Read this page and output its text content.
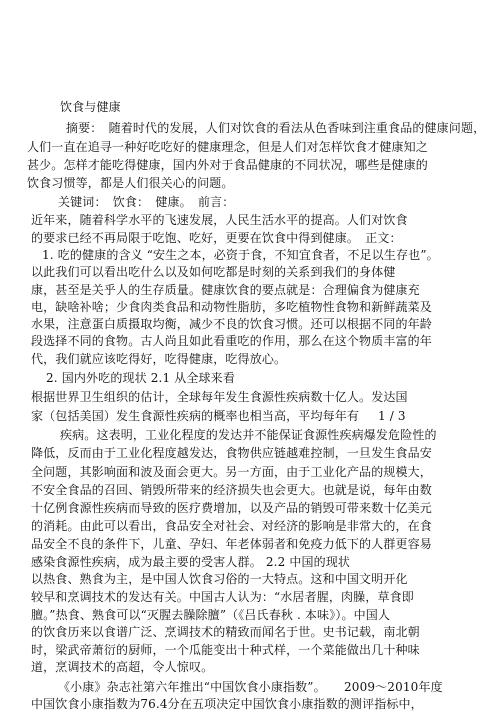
饮食与健康
摘要：　随着时代的发展，人们对饮食的看法从色香味到注重食品的健康问题，
人们一直在追寻一种好吃吃好的健康理念，但是人们对怎样饮食才健康知之
甚少。怎样才能吃得健康，国内外对于食品健康的不同状况，哪些是健康的
饮食习惯等，都是人们很关心的问题。
关键词：　饮食：　健康。　前言：
近年来，随着科学水平的飞速发展，人民生活水平的提高。人们对饮食
的要求已经不再局限于吃饱、吃好，更要在饮食中得到健康。　正文：
1. 吃的健康的含义 “安生之本，必资于食，不知宜食者，不足以生存也”。
以此我们可以看出吃什么以及如何吃都是时刻的关系到我们的身体健
康，甚至是关乎人的生存质量。健康饮食的要点就是：合理偏食为健康充
电，缺啥补啥；少食肉类食品和动物性脂肪，多吃植物性食物和新鲜蔬菜及
水果，注意蛋白质摄取均衡，减少不良的饮食习惯。还可以根据不同的年龄
段选择不同的食物。古人尚且如此看重吃的作用，那么在这个物质丰富的年
代，我们就应该吃得好，吃得健康，吃得放心。
2. 国内外吃的现状 2.1 从全球来看
根据世界卫生组织的估计，全球每年发生食源性疾病数十亿人。发达国
家（包括美国）发生食源性疾病的概率也相当高，平均每年有 1 / 3
疾病。这表明，工业化程度的发达并不能保证食源性疾病爆发危险性的
降低，反而由于工业化程度越发达，食物供应链越难控制，一旦发生食品安
全问题，其影响面和波及面会更大。另一方面，由于工业化产品的规模大，
不安全食品的召回、销毁所带来的经济损失也会更大。也就是说，每年由数
十亿例食源性疾病而导致的医疗费增加，以及产品的销毁可带来数十亿美元
的消耗。由此可以看出，食品安全对社会、对经济的影响是非常大的，在食
品安全不良的条件下，儿童、孕妇、年老体弱者和免疫力低下的人群更容易
感染食源性疾病，成为最主要的受害人群。 2.2 中国的现状
以热食、熟食为主，是中国人饮食习俗的一大特点。这和中国文明开化
较早和烹调技术的发达有关。中国古人认为：“水居者腥，肉臊，草食即
膻。”热食、熟食可以“灭腥去臊除膻”（《吕氏春秋 . 本味》）。中国人
的饮食历来以食谱广泛、烹调技术的精致而闻名于世。史书记载，南北朝
时，梁武帝萧衍的厨师，一个瓜能变出十种式样，一个菜能做出几十种味
道，烹调技术的高超，令人惊叹。
《小康》杂志社第六年推出“中国饮食小康指数”。　　2009～2010年度
中国饮食小康指数为76.4分在五项决定中国饮食小康指数的测评指标中，
